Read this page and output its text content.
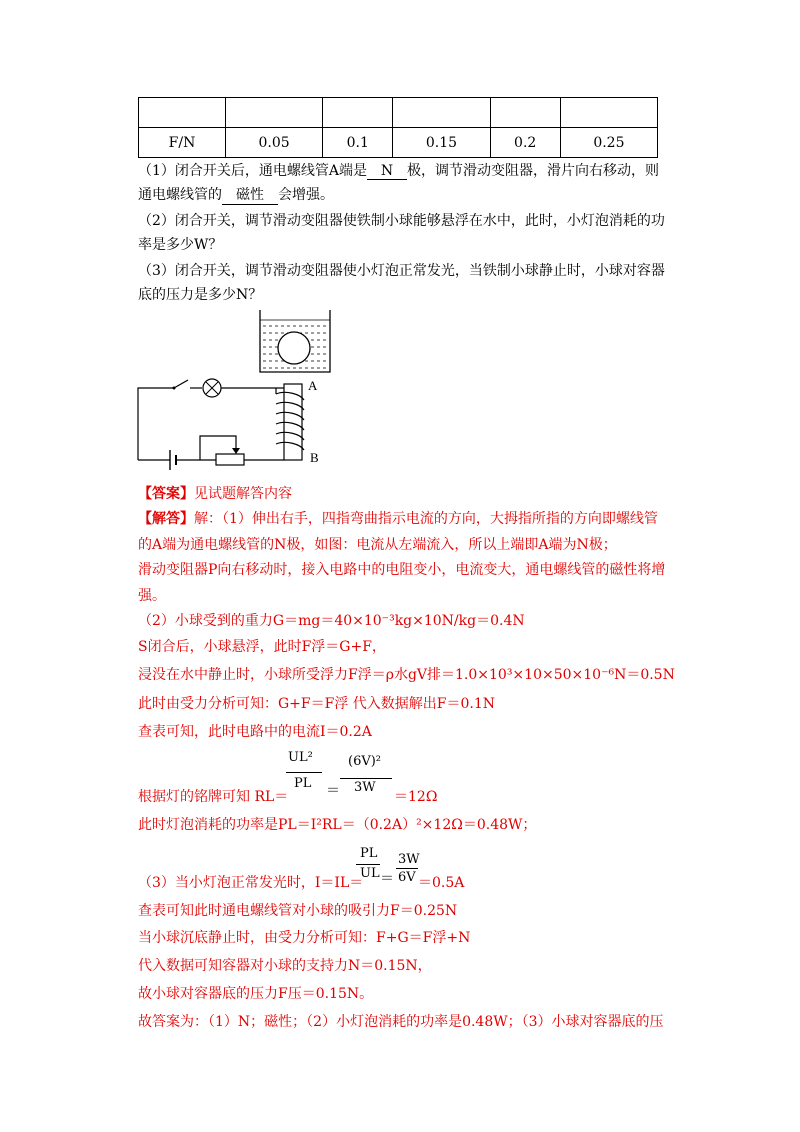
F/N	0.05	0.1	0.15	0.2	0.25
（1）闭合开关后，通电螺线管A端是 N 极，调节滑动变阻器，滑片向右移动，则
通电螺线管的 磁性 会增强。
（2）闭合开关，调节滑动变阻器使铁制小球能够悬浮在水中，此时，小灯泡消耗的功
率是多少W？
（3）闭合开关，调节滑动变阻器使小灯泡正常发光，当铁制小球静止时，小球对容器
底的压力是多少N？
A
B
【答案】见试题解答内容
【解答】解：（1）伸出右手，四指弯曲指示电流的方向，大拇指所指的方向即螺线管
的A端为通电螺线管的N极，如图：电流从左端流入，所以上端即A端为N极；
滑动变阻器P向右移动时，接入电路中的电阻变小，电流变大，通电螺线管的磁性将增
强。
（2）小球受到的重力G＝mg＝40×10⁻³kg×10N/kg＝0.4N
S闭合后，小球悬浮，此时F浮＝G+F，
浸没在水中静止时，小球所受浮力F浮＝ρ水gV排＝1.0×10³×10×50×10⁻⁶N＝0.5N
此时由受力分析可知：G+F＝F浮 代入数据解出F＝0.1N
查表可知，此时电路中的电流I＝0.2A
根据灯的铭牌可知 RL＝
UL²
PL ＝
(6V)²
3W
＝12Ω
此时灯泡消耗的功率是PL＝I²RL＝（0.2A）²×12Ω＝0.48W；
（3）当小灯泡正常发光时，I＝IL＝
PL
UL ＝
3W
6V ＝0.5A
查表可知此时通电螺线管对小球的吸引力F＝0.25N
当小球沉底静止时，由受力分析可知：F+G＝F浮+N
代入数据可知容器对小球的支持力N＝0.15N，
故小球对容器底的压力F压＝0.15N。
故答案为：（1）N；磁性；（2）小灯泡消耗的功率是0.48W；（3）小球对容器底的压
